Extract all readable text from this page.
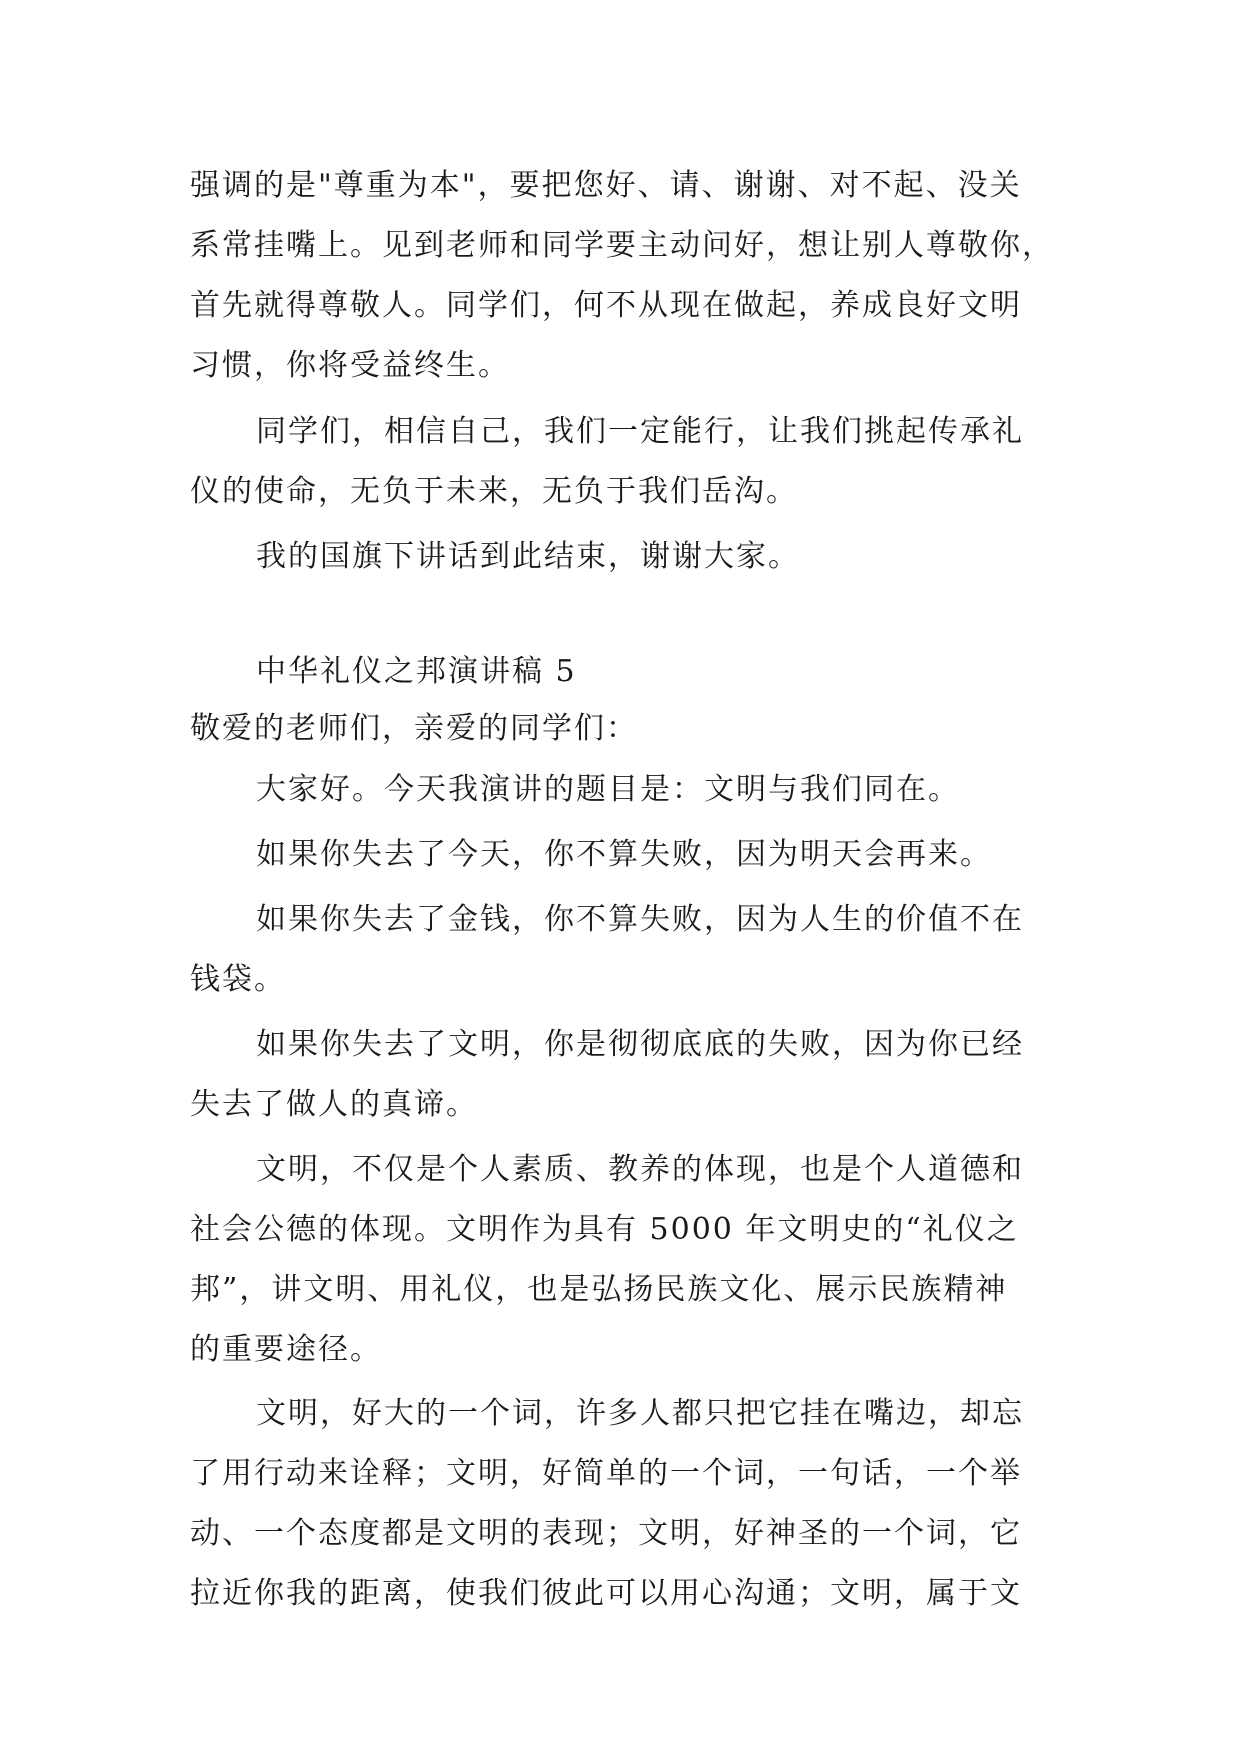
强调的是"尊重为本"，要把您好、请、谢谢、对不起、没关
系常挂嘴上。见到老师和同学要主动问好，想让别人尊敬你，
首先就得尊敬人。同学们，何不从现在做起，养成良好文明
习惯，你将受益终生。
同学们，相信自己，我们一定能行，让我们挑起传承礼
仪的使命，无负于未来，无负于我们岳沟。
我的国旗下讲话到此结束，谢谢大家。
中华礼仪之邦演讲稿 5
敬爱的老师们，亲爱的同学们：
大家好。今天我演讲的题目是：文明与我们同在。
如果你失去了今天，你不算失败，因为明天会再来。
如果你失去了金钱，你不算失败，因为人生的价值不在
钱袋。
如果你失去了文明，你是彻彻底底的失败，因为你已经
失去了做人的真谛。
文明，不仅是个人素质、教养的体现，也是个人道德和
社会公德的体现。文明作为具有 5000 年文明史的“礼仪之
邦”，讲文明、用礼仪，也是弘扬民族文化、展示民族精神
的重要途径。
文明，好大的一个词，许多人都只把它挂在嘴边，却忘
了用行动来诠释；文明，好简单的一个词，一句话，一个举
动、一个态度都是文明的表现；文明，好神圣的一个词，它
拉近你我的距离，使我们彼此可以用心沟通；文明，属于文
